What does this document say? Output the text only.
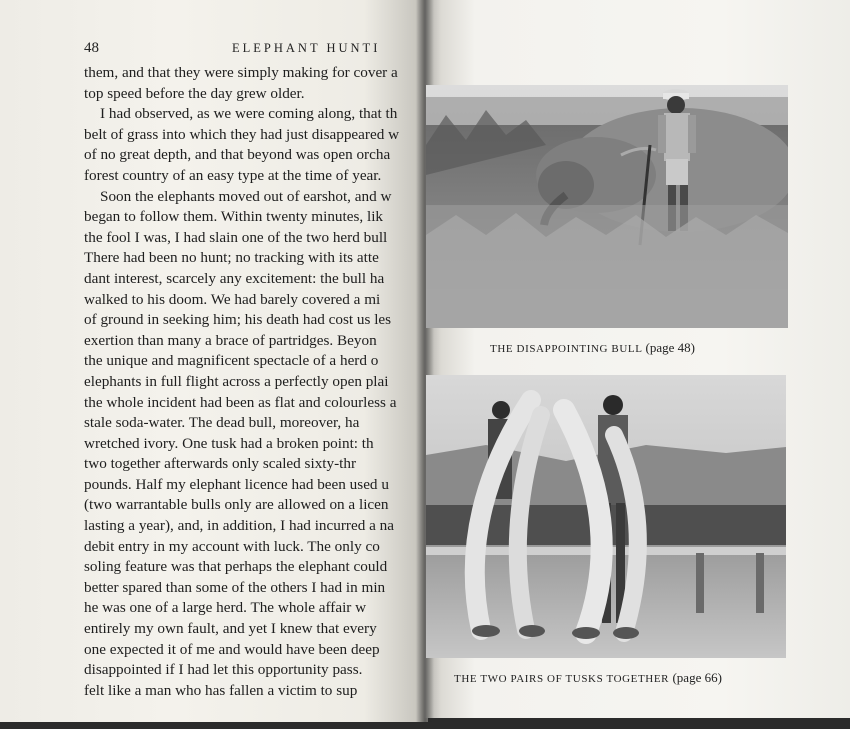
48	ELEPHANT HUNTI
them, and that they were simply making for cover a
top speed before the day grew older.
I had observed, as we were coming along, that th
belt of grass into which they had just disappeared w
of no great depth, and that beyond was open orcha
forest country of an easy type at the time of year.
Soon the elephants moved out of earshot, and w
began to follow them. Within twenty minutes, lik
the fool I was, I had slain one of the two herd bull
There had been no hunt; no tracking with its atte
dant interest, scarcely any excitement: the bull ha
walked to his doom. We had barely covered a mi
of ground in seeking him; his death had cost us les
exertion than many a brace of partridges. Beyon
the unique and magnificent spectacle of a herd o
elephants in full flight across a perfectly open plai
the whole incident had been as flat and colourless a
stale soda-water. The dead bull, moreover, ha
wretched ivory. One tusk had a broken point: th
two together afterwards only scaled sixty-thr
pounds. Half my elephant licence had been used u
(two warrantable bulls only are allowed on a licen
lasting a year), and, in addition, I had incurred a na
debit entry in my account with luck. The only co
soling feature was that perhaps the elephant could
better spared than some of the others I had in min
he was one of a large herd. The whole affair w
entirely my own fault, and yet I knew that every
one expected it of me and would have been deep
disappointed if I had let this opportunity pass.
felt like a man who has fallen a victim to sup
THE DISAPPOINTING BULL (page 48)
THE TWO PAIRS OF TUSKS TOGETHER (page 66)
